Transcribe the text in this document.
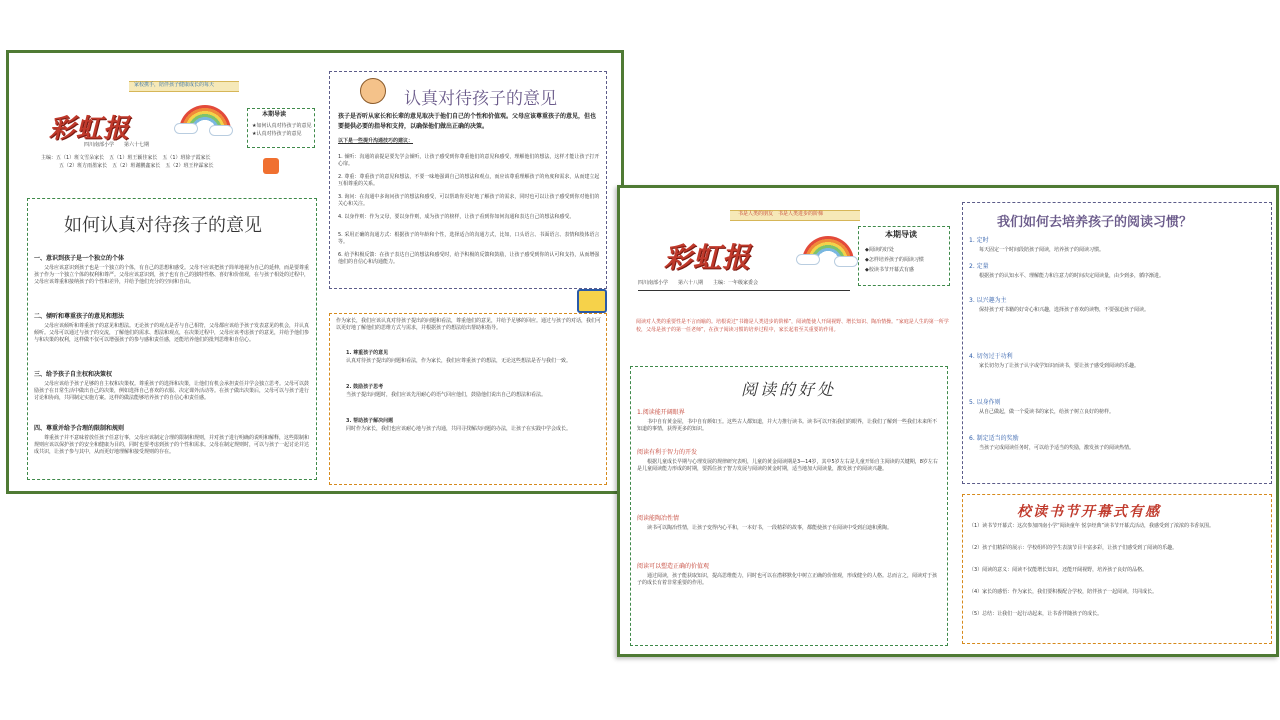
家校携手，陪伴孩子健康成长的每天
彩虹报
四川南部小学　　第六十七期
本期导读
★如何认真对待孩子的意见
★认真对待孩子的意见
主编：五（1）班文雪朵家长　五（1）班王颖佳家长　五（1）班徐子霞家长
五（2）班方雨墨家长　五（2）班谢鹏鑫家长　五（2）班王梓霖家长
认真对待孩子的意见
孩子是否听从家长和长辈的意见取决于他们自己的个性和价值观。父母应该尊重孩子的意见，但也要提供必要的指导和支持，以确保他们做出正确的决策。
以下是一些提升沟通技巧的建议：
1. 倾听：沟通的前提是要先学会倾听，让孩子感受到你尊重他们的意见和感受，理解他们的想法，这样才能让孩子打开心扉。
2. 尊重：尊重孩子的意见和想法，不要一味地强调自己的想法和观点，而应该尊重理解孩子的角度和需求，从而建立起互相尊重的关系。
3. 询问：在沟通中多询问孩子的想法和感受，可以帮助你更好地了解孩子的需求，同时也可以让孩子感受到你对他们的关心和关注。
4. 以身作则：作为父母，要以身作则，成为孩子的榜样，让孩子看到你如何沟通和表达自己的想法和感受。
5. 采用正确的沟通方式：根据孩子的年龄和个性，选择适合的沟通方式，比如，口头语言、书面语言、表情和肢体语言等。
6. 给予积极反馈：在孩子表达自己的想法和感受时，给予积极的反馈和鼓励，让孩子感受到你的认可和支持，从而增强他们的自信心和沟通能力。
如何认真对待孩子的意见
一、意识到孩子是一个独立的个体
父母应该意识到孩子也是一个独立的个体，有自己的思想和感受。父母不应该把孩子简单地视为自己的延伸，而是要尊重孩子作为一个独立个体的权利和尊严。父母应该意识到，孩子也有自己的独特性格、喜好和价值观，在与孩子相处的过程中，父母应该尊重和接纳孩子的个性和差异，并给予他们充分的空间和自由。
二、倾听和尊重孩子的意见和想法
父母应该倾听和尊重孩子的意见和想法。无论孩子的观点是否与自己相符，父母都应该给予孩子发表意见的机会，并认真倾听。父母可以通过与孩子的交流，了解他们的需求、想法和观点，在决策过程中，父母应该考虑孩子的意见，并给予他们参与和决策的权利，这样做不仅可以增强孩子的参与感和责任感，还能培养他们的批判思维和自信心。
三、给予孩子自主权和决策权
父母应该给予孩子足够的自主权和决策权。尊重孩子的选择和决策，让他们有机会承担责任并学会独立思考。父母可以鼓励孩子在日常生活中做出自己的决策，例如选择自己喜欢的衣服、决定课外活动等。在孩子做出决策后，父母可以与孩子进行讨论和协商，共同制定实施方案。这样的做法能够培养孩子的自信心和责任感。
四、尊重并给予合理的限制和规则
尊重孩子并不意味着放任孩子任意行事，父母应该制定合理的限制和规则，并对孩子进行明确的说明和解释，这些限制和规则应该以保护孩子的安全和健康为目的，同时也要考虑到孩子的个性和需求。父母在制定规则时，可以与孩子一起讨论并达成共识，让孩子参与其中，从而更好地理解和接受规则的存在。
作为家长，我们应该认真对待孩子提出的问题和看法，尊重他们的意见，并给予足够的回应。通过与孩子的对话，我们可以更好地了解他们的思维方式与需求，并根据孩子的想法给出帮助和指导。
1. 尊重孩子的意见
认真对待孩子提出的问题和看法，作为家长，我们应尊重孩子的想法，无论这些想法是否与我们一致。
2. 鼓励孩子思考
当孩子提出问题时，我们应该先用耐心的语气回应他们，鼓励他们说出自己的想法和看法。
3. 帮助孩子解决问题
同时作为家长，我们也应该耐心地与孩子沟通，共同寻找解决问题的办法，让孩子在实践中学会成长。
书是人类的朋友　书是人类进步的阶梯
彩虹报
四川南部小学　　第六十八期　　主编：一年级家委会
本期导读
◆阅读的好处
◆怎样培养孩子的阅读习惯
◆校读书节开幕式有感
阅读对人类的重要性是不言而喻的。培根说过“书籍是人类进步的阶梯”，阅读能使人开阔视野、增长知识、陶冶情操。“家庭是人生的第一所学校，父母是孩子的第一任老师”，在孩子阅读习惯的培养过程中，家长起着至关重要的作用。
阅读的好处
1.阅读能开阔眼界
书中自有黄金屋，书中自有颜如玉。这些古人都知道，并大力推行读书。读书可以开拓我们的眼界，让我们了解到一些我们未来所不知道的事情，获得更多的知识。
阅读有利于智力的开发
根据儿童成长早期与心理发展的规律研究表明，儿童的黄金阅读期是3—14岁，其中5岁左右是儿童开始自主阅读的关键期，8岁左右是儿童阅读能力形成的时期，要抓住孩子智力发展与阅读的黄金时期，适当地加大阅读量，激发孩子的阅读兴趣。
阅读能陶冶性情
读书可以陶冶性情，让孩子变得内心平和，一本好书，一段精彩的故事，都能使孩子在阅读中受到启迪和熏陶。
阅读可以塑造正确的价值观
通过阅读，孩子能获取知识，提高思维能力，同时也可以在潜移默化中树立正确的价值观，形成健全的人格。总而言之，阅读对于孩子的成长有着非常重要的作用。
我们如何去培养孩子的阅读习惯？
1. 定时
每天固定一个时间段陪孩子阅读，培养孩子的阅读习惯。
2. 定量
根据孩子的认知水平、理解能力和注意力的时间决定阅读量，由少到多，循序渐进。
3. 以兴趣为主
保持孩子对书籍的好奇心和兴趣，选择孩子喜欢的读物，不要强迫孩子阅读。
4. 切勿过于功利
家长切勿为了让孩子认字或学知识而读书，要让孩子感受到阅读的乐趣。
5. 以身作则
从自己做起，做一个爱读书的家长，给孩子树立良好的榜样。
6. 制定适当的奖励
当孩子完成阅读任务时，可以给予适当的奖励，激发孩子的阅读热情。
校读书节开幕式有感
（1）读书节开幕式：这次参加四南小学“阅读童年 悦享经典”读书节开幕式活动，我感受到了浓浓的书香氛围。
（2）孩子们精彩的展示：学校组织的学生表演节目丰富多彩，让孩子们感受到了阅读的乐趣。
（3）阅读的意义：阅读不仅能增长知识，还能开阔视野，培养孩子良好的品格。
（4）家长的感悟：作为家长，我们要积极配合学校，陪伴孩子一起阅读，共同成长。
（5）总结：让我们一起行动起来，让书香伴随孩子的成长。
